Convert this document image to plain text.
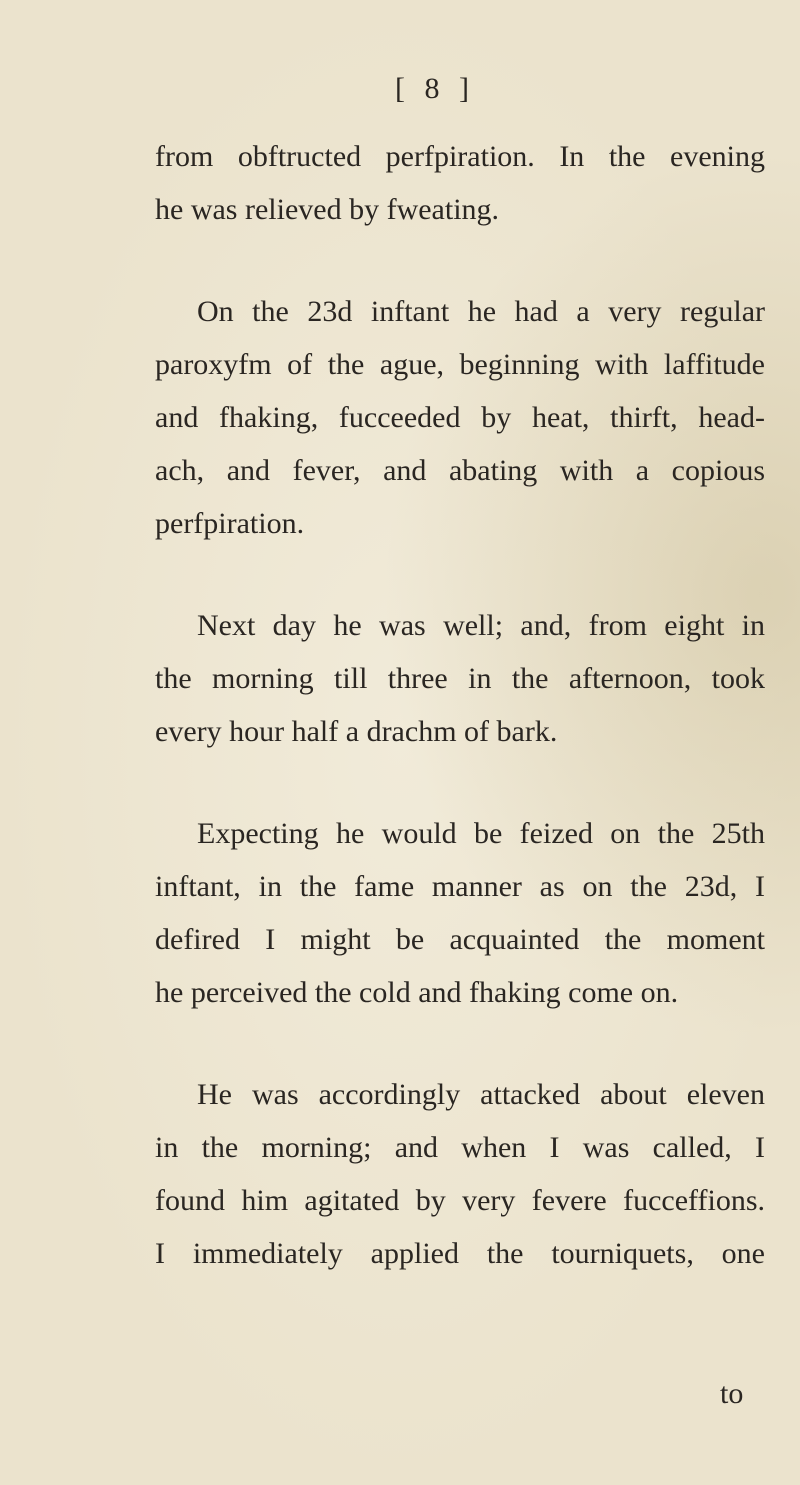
[ 8 ]
from obftructed perfpiration. In the evening
he was relieved by fweating.
On the 23d inftant he had a very regular
paroxyfm of the ague, beginning with laffitude
and fhaking, fucceeded by heat, thirft, head-
ach, and fever, and abating with a copious
perfpiration.
Next day he was well; and, from eight in
the morning till three in the afternoon, took
every hour half a drachm of bark.
Expecting he would be feized on the 25th
inftant, in the fame manner as on the 23d, I
defired I might be acquainted the moment
he perceived the cold and fhaking come on.
He was accordingly attacked about eleven
in the morning; and when I was called, I
found him agitated by very fevere fucceffions.
I immediately applied the tourniquets, one
to
